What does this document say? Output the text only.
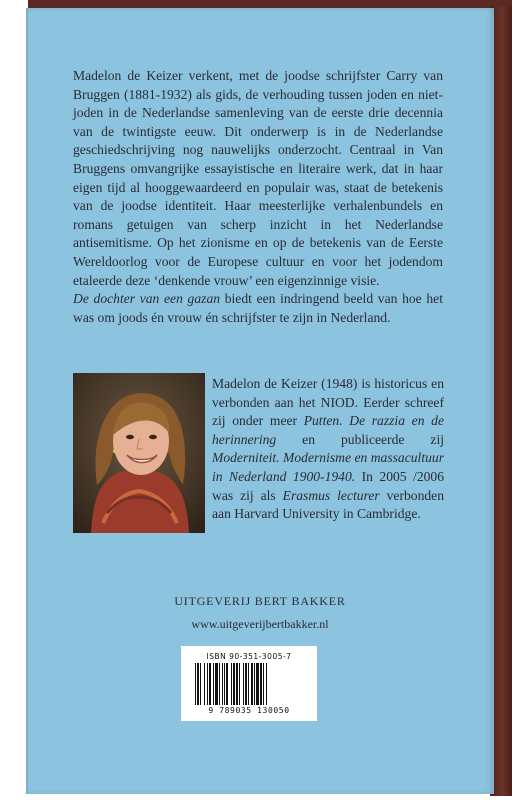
Madelon de Keizer verkent, met de joodse schrijfster Carry van Bruggen (1881-1932) als gids, de verhouding tussen joden en niet-joden in de Nederlandse samenleving van de eerste drie decennia van de twintigste eeuw. Dit onderwerp is in de Nederlandse geschiedschrijving nog nauwelijks onderzocht. Centraal in Van Bruggens omvangrijke essayistische en literaire werk, dat in haar eigen tijd al hooggewaardeerd en populair was, staat de betekenis van de joodse identiteit. Haar meesterlijke verhalenbundels en romans getuigen van scherp inzicht in het Nederlandse antisemitisme. Op het zionisme en op de betekenis van de Eerste Wereldoorlog voor de Europese cultuur en voor het jodendom etaleerde deze ‘denkende vrouw’ een eigenzinnige visie.

De dochter van een gazan biedt een indringend beeld van hoe het was om joods én vrouw én schrijfster te zijn in Nederland.

Madelon de Keizer (1948) is historicus en verbonden aan het NIOD. Eerder schreef zij onder meer Putten. De razzia en de herinnering en publiceerde zij Moderniteit. Modernisme en massacultuur in Nederland 1900-1940. In 2005 /2006 was zij als Erasmus lecturer verbonden aan Harvard University in Cambridge.

UITGEVERIJ BERT BAKKER
www.uitgeverijbertbakker.nl
ISBN 90-351-3005-7
9 789035 130050
